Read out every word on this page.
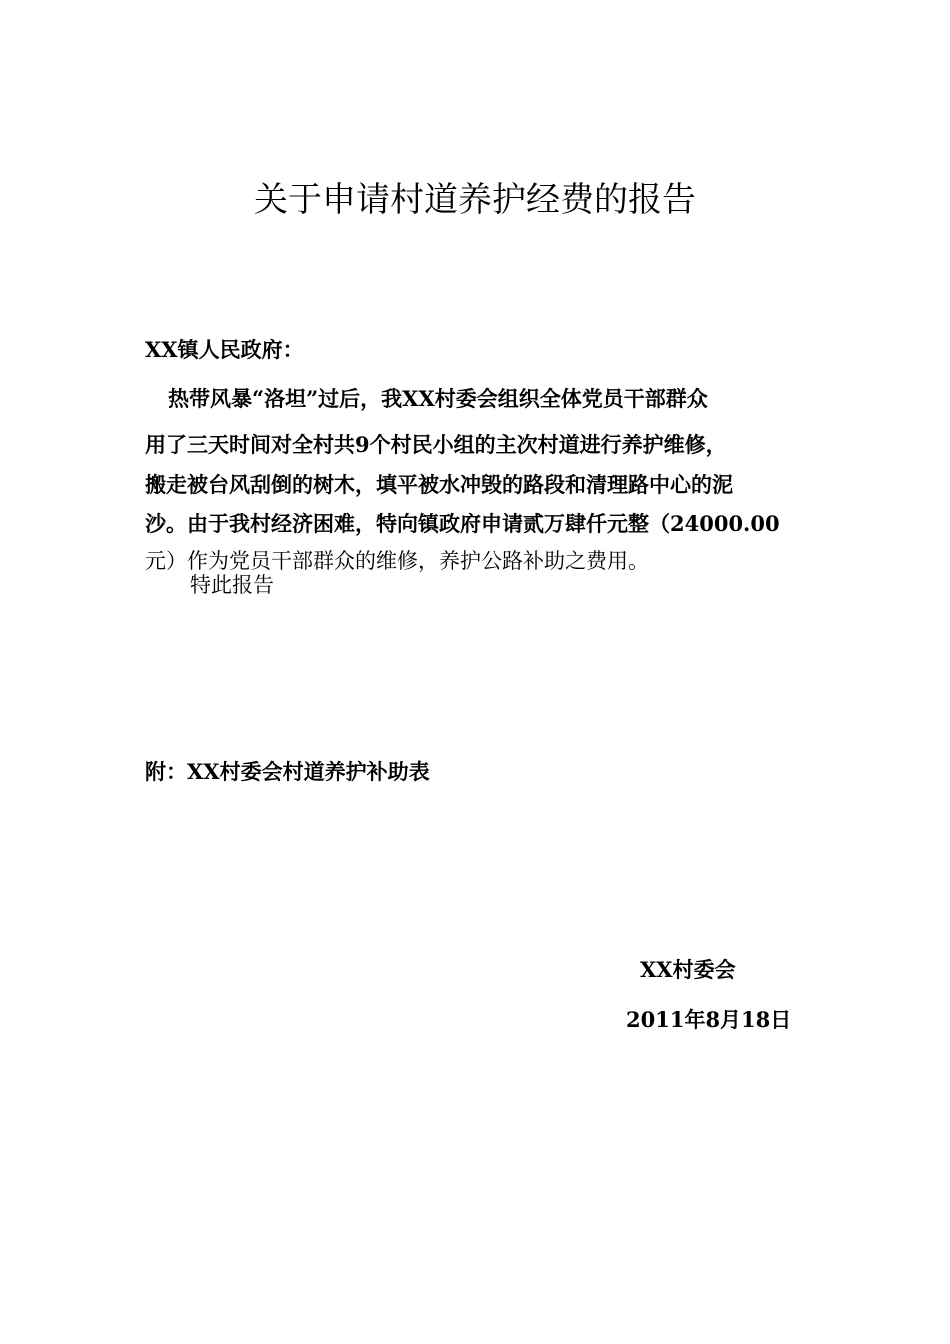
关于申请村道养护经费的报告
XX镇人民政府：
热带风暴“洛坦”过后，我XX村委会组织全体党员干部群众
用了三天时间对全村共9个村民小组的主次村道进行养护维修，
搬走被台风刮倒的树木，填平被水冲毁的路段和清理路中心的泥
沙。由于我村经济困难，特向镇政府申请贰万肆仟元整（24000.00
元）作为党员干部群众的维修，养护公路补助之费用。
特此报告
附：XX村委会村道养护补助表
XX村委会
2011年8月18日
